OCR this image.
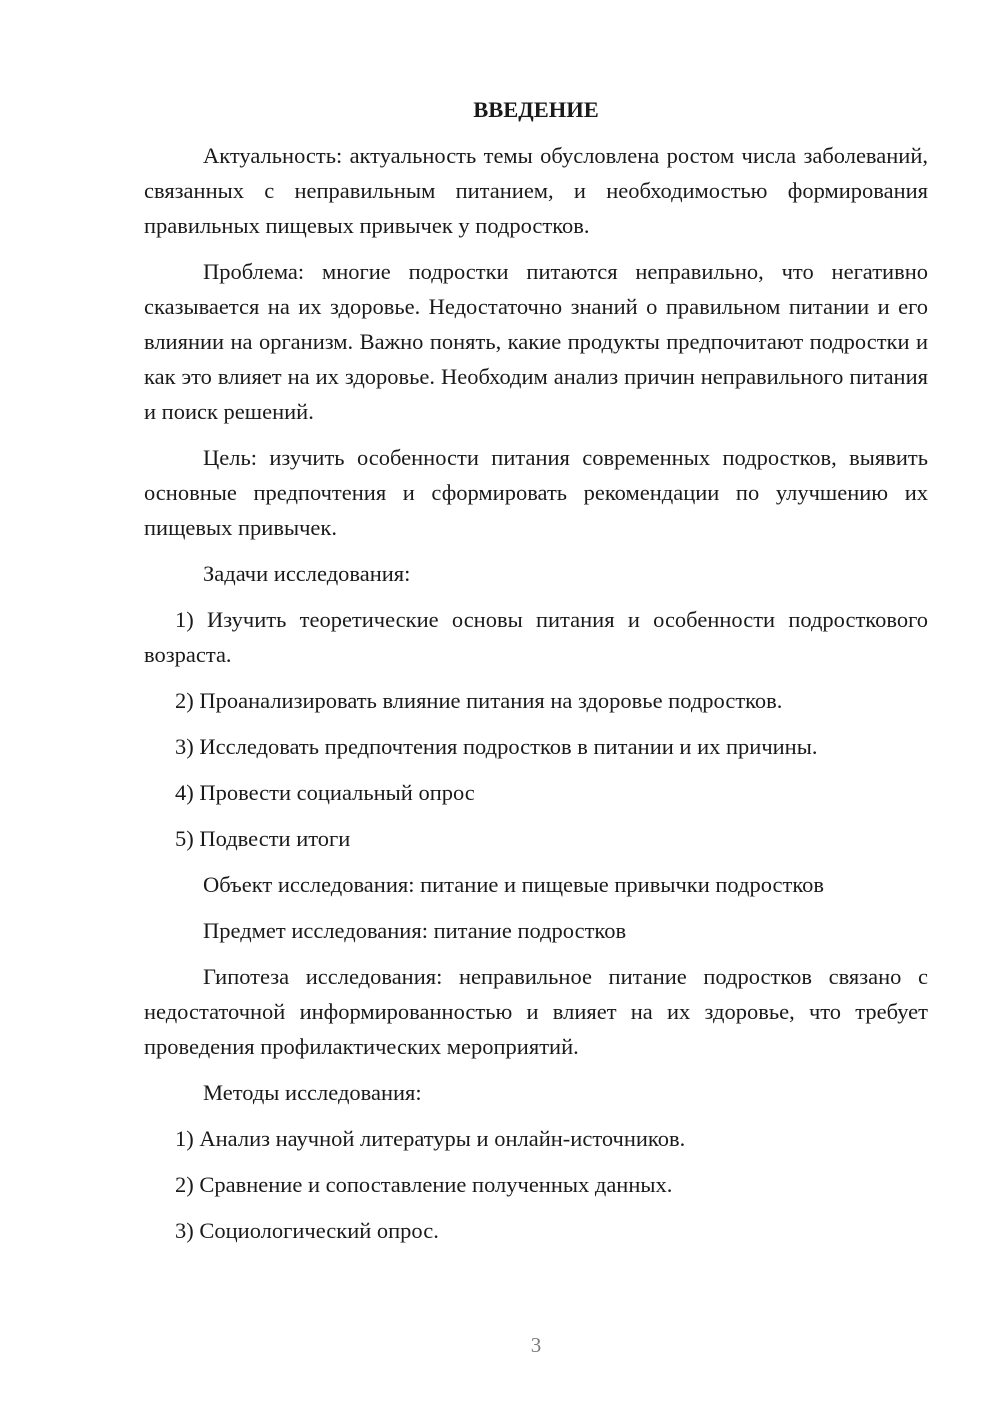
ВВЕДЕНИЕ

Актуальность: актуальность темы обусловлена ростом числа заболеваний, связанных с неправильным питанием, и необходимостью формирования правильных пищевых привычек у подростков.

Проблема: многие подростки питаются неправильно, что негативно сказывается на их здоровье. Недостаточно знаний о правильном питании и его влиянии на организм. Важно понять, какие продукты предпочитают подростки и как это влияет на их здоровье. Необходим анализ причин неправильного питания и поиск решений.

Цель: изучить особенности питания современных подростков, выявить основные предпочтения и сформировать рекомендации по улучшению их пищевых привычек.

Задачи исследования:

1) Изучить теоретические основы питания и особенности подросткового возраста.

2) Проанализировать влияние питания на здоровье подростков.

3) Исследовать предпочтения подростков в питании и их причины.

4) Провести социальный опрос

5) Подвести итоги

Объект исследования: питание и пищевые привычки подростков

Предмет исследования: питание подростков

Гипотеза исследования: неправильное питание подростков связано с недостаточной информированностью и влияет на их здоровье, что требует проведения профилактических мероприятий.

Методы исследования:

1) Анализ научной литературы и онлайн-источников.

2) Сравнение и сопоставление полученных данных.

3) Социологический опрос.

3
